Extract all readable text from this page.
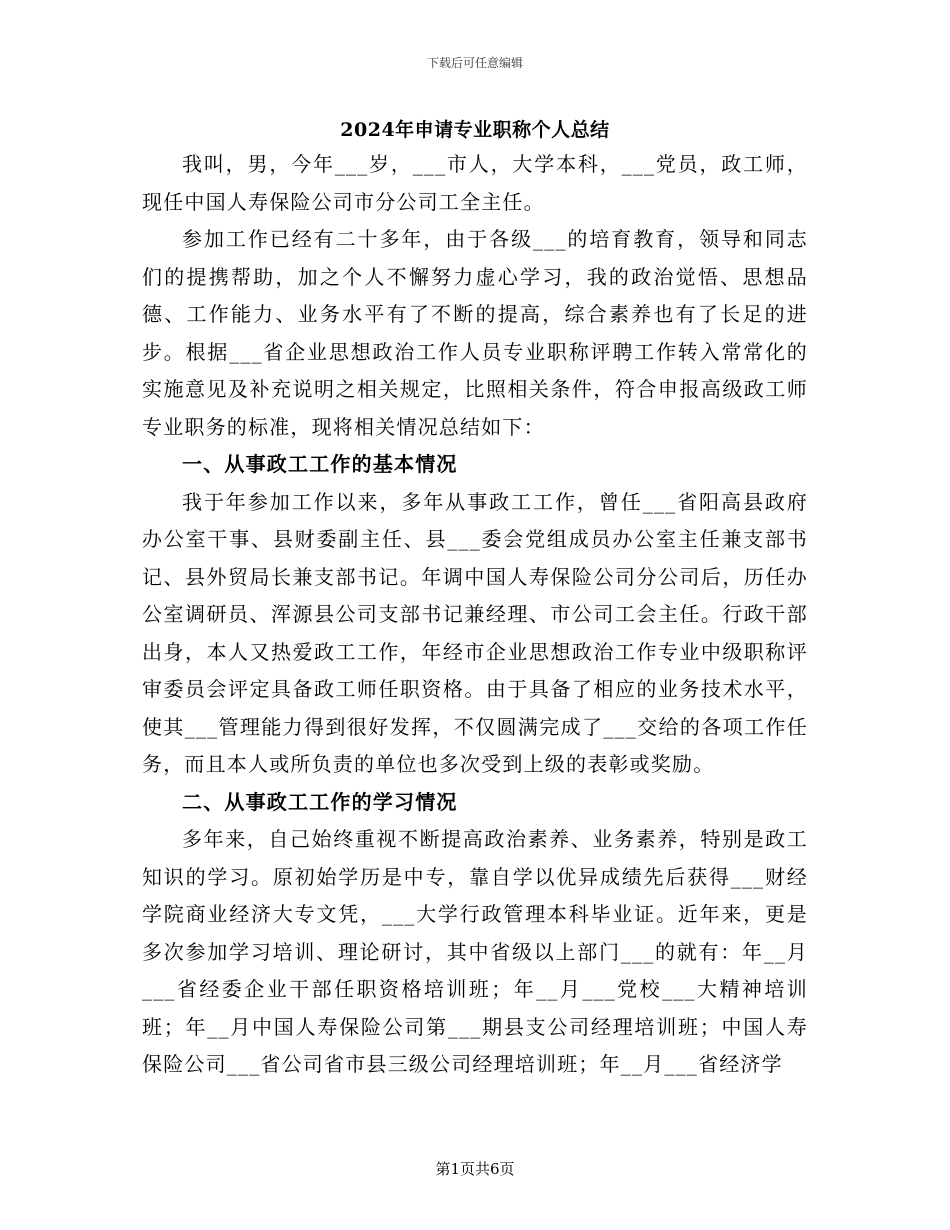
下载后可任意编辑
2024年申请专业职称个人总结

我叫，男，今年___岁，___市人，大学本科，___党员，政工师，现任中国人寿保险公司市分公司工全主任。

参加工作已经有二十多年，由于各级___的培育教育，领导和同志们的提携帮助，加之个人不懈努力虚心学习，我的政治觉悟、思想品德、工作能力、业务水平有了不断的提高，综合素养也有了长足的进步。根据___省企业思想政治工作人员专业职称评聘工作转入常常化的实施意见及补充说明之相关规定，比照相关条件，符合申报高级政工师专业职务的标准，现将相关情况总结如下：

一、从事政工工作的基本情况

我于年参加工作以来，多年从事政工工作，曾任___省阳高县政府办公室干事、县财委副主任、县___委会党组成员办公室主任兼支部书记、县外贸局长兼支部书记。年调中国人寿保险公司分公司后，历任办公室调研员、浑源县公司支部书记兼经理、市公司工会主任。行政干部出身，本人又热爱政工工作，年经市企业思想政治工作专业中级职称评审委员会评定具备政工师任职资格。由于具备了相应的业务技术水平，使其___管理能力得到很好发挥，不仅圆满完成了___交给的各项工作任务，而且本人或所负责的单位也多次受到上级的表彰或奖励。

二、从事政工工作的学习情况

多年来，自己始终重视不断提高政治素养、业务素养，特别是政工知识的学习。原初始学历是中专，靠自学以优异成绩先后获得___财经学院商业经济大专文凭，___大学行政管理本科毕业证。近年来，更是多次参加学习培训、理论研讨，其中省级以上部门___的就有：年__月___省经委企业干部任职资格培训班；年__月___党校___大精神培训班；年__月中国人寿保险公司第___期县支公司经理培训班；中国人寿保险公司___省公司省市县三级公司经理培训班；年__月___省经济学

第1页共6页
